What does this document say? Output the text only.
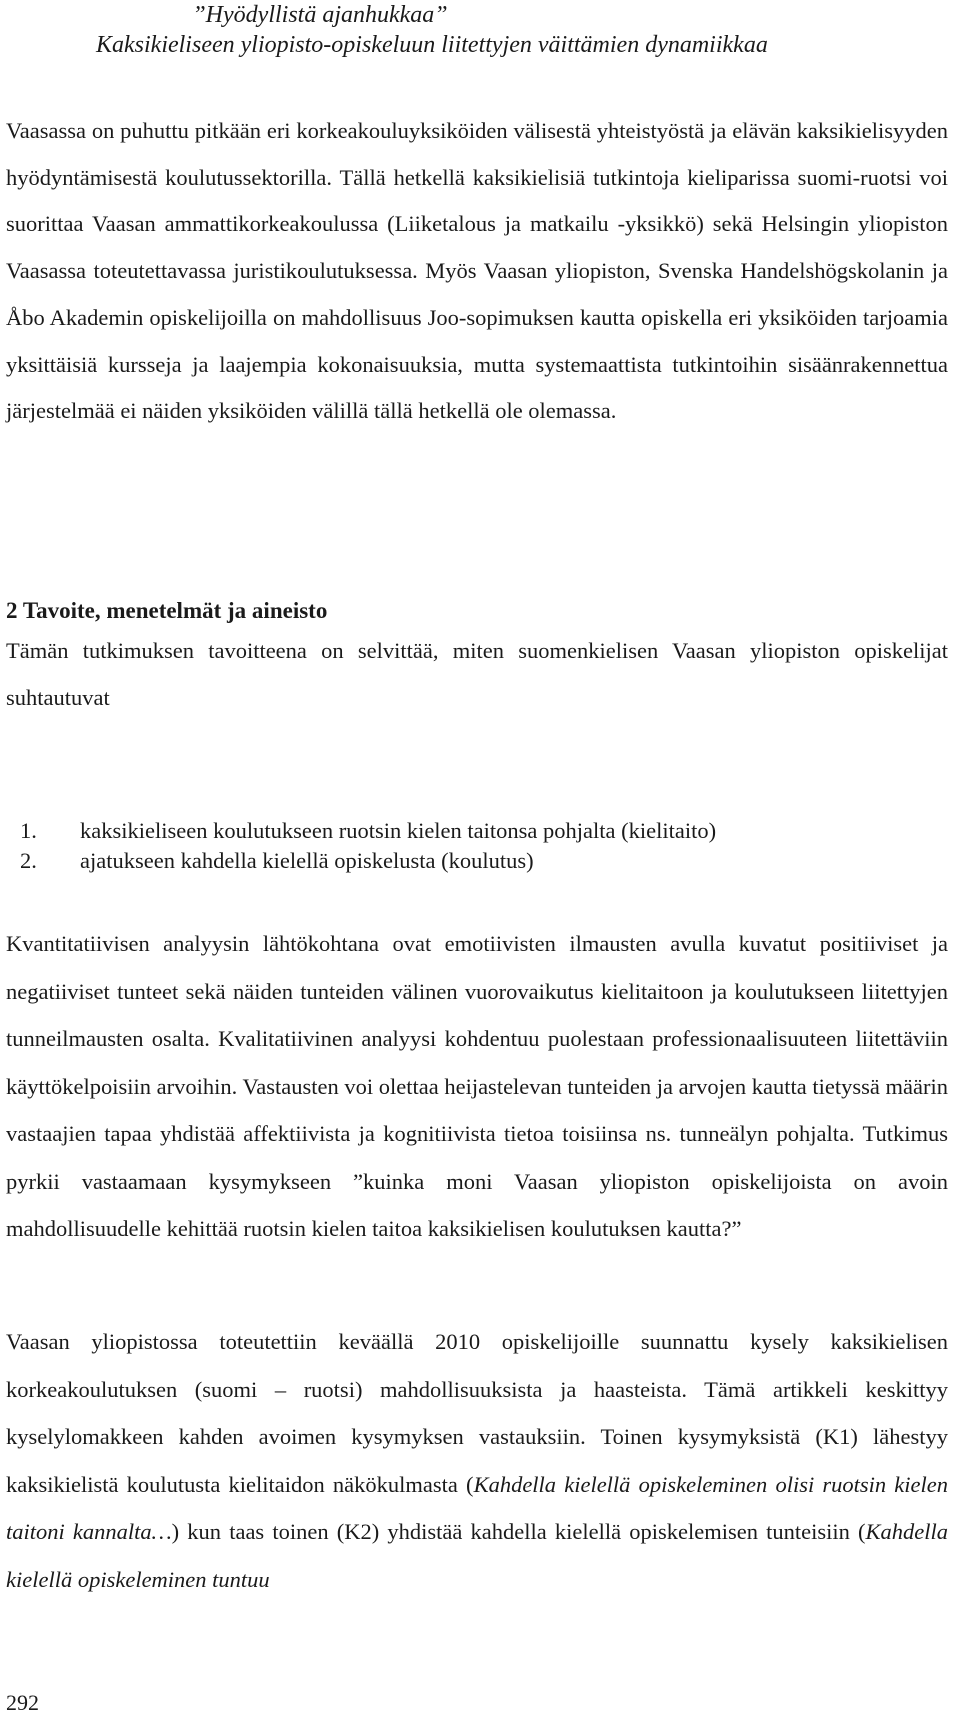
”Hyödyllistä ajanhukkaa”
Kaksikieliseen yliopisto-opiskeluun liitettyjen väittämien dynamiikkaa

Vaasassa on puhuttu pitkään eri korkeakouluyksiköiden välisestä yhteistyöstä ja elävän kaksikielisyyden hyödyntämisestä koulutussektorilla. Tällä hetkellä kaksikielisiä tutkintoja kieliparissa suomi-ruotsi voi suorittaa Vaasan ammattikorkeakoulussa (Liiketalous ja matkailu -yksikkö) sekä Helsingin yliopiston Vaasassa toteutettavassa juristikoulutuksessa. Myös Vaasan yliopiston, Svenska Handelshögskolanin ja Åbo Akademin opiskelijoilla on mahdollisuus Joo-sopimuksen kautta opiskella eri yksiköiden tarjoamia yksittäisiä kursseja ja laajempia kokonaisuuksia, mutta systemaattista tutkintoihin sisäänrakennettua järjestelmää ei näiden yksiköiden välillä tällä hetkellä ole olemassa.

2 Tavoite, menetelmät ja aineisto

Tämän tutkimuksen tavoitteena on selvittää, miten suomenkielisen Vaasan yliopiston opiskelijat suhtautuvat

1.	kaksikieliseen koulutukseen ruotsin kielen taitonsa pohjalta (kielitaito)
2.	ajatukseen kahdella kielellä opiskelusta (koulutus)

Kvantitatiivisen analyysin lähtökohtana ovat emotiivisten ilmausten avulla kuvatut positiiviset ja negatiiviset tunteet sekä näiden tunteiden välinen vuorovaikutus kielitaitoon ja koulutukseen liitettyjen tunneilmausten osalta. Kvalitatiivinen analyysi kohdentuu puolestaan professionaalisuuteen liitettäviin käyttökelpoisiin arvoihin. Vastausten voi olettaa heijastelevan tunteiden ja arvojen kautta tietyssä määrin vastaajien tapaa yhdistää affektiivista ja kognitiivista tietoa toisiinsa ns. tunneälyn pohjalta. Tutkimus pyrkii vastaamaan kysymykseen ”kuinka moni Vaasan yliopiston opiskelijoista on avoin mahdollisuudelle kehittää ruotsin kielen taitoa kaksikielisen koulutuksen kautta?”

Vaasan yliopistossa toteutettiin keväällä 2010 opiskelijoille suunnattu kysely kaksikielisen korkeakoulutuksen (suomi – ruotsi) mahdollisuuksista ja haasteista. Tämä artikkeli keskittyy kyselylomakkeen kahden avoimen kysymyksen vastauksiin. Toinen kysymyksistä (K1) lähestyy kaksikielistä koulutusta kielitaidon näkökulmasta (Kahdella kielellä opiskeleminen olisi ruotsin kielen taitoni kannalta…) kun taas toinen (K2) yhdistää kahdella kielellä opiskelemisen tunteisiin (Kahdella kielellä opiskeleminen tuntuu

292
